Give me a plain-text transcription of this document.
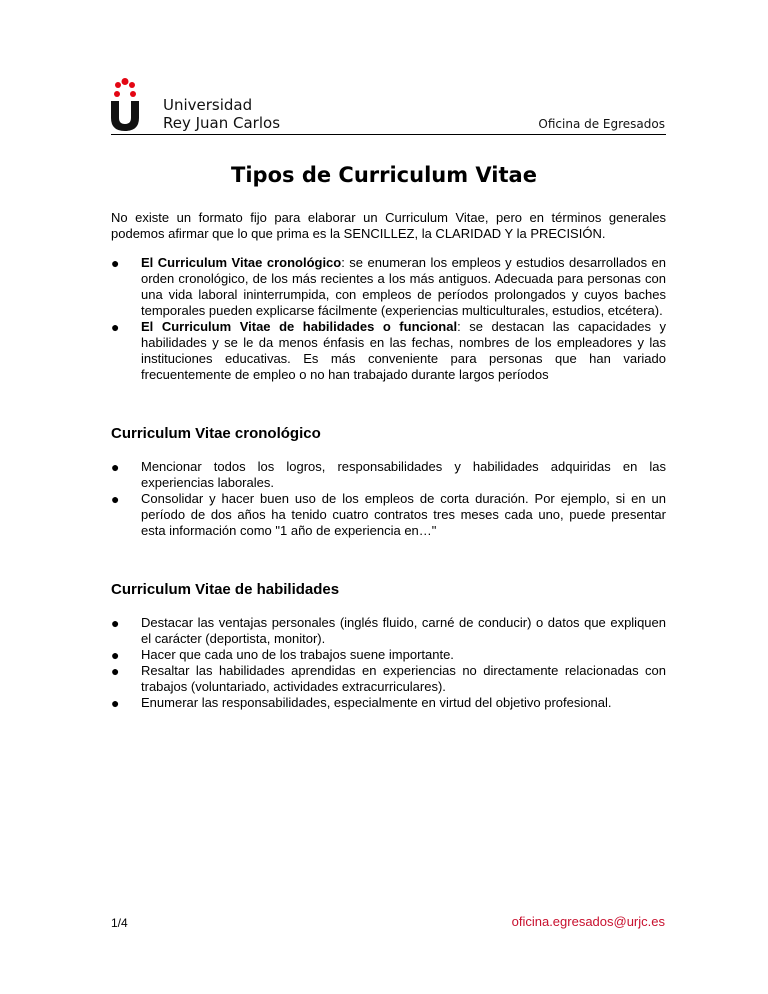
Universidad
Rey Juan Carlos	Oficina de Egresados
Tipos de Curriculum Vitae

No existe un formato fijo para elaborar un Curriculum Vitae, pero en términos generales podemos afirmar que lo que prima es la SENCILLEZ, la CLARIDAD Y la PRECISIÓN.

● El Curriculum Vitae cronológico: se enumeran los empleos y estudios desarrollados en orden cronológico, de los más recientes a los más antiguos. Adecuada para personas con una vida laboral ininterrumpida, con empleos de períodos prolongados y cuyos baches temporales pueden explicarse fácilmente (experiencias multiculturales, estudios, etcétera).
● El Curriculum Vitae de habilidades o funcional: se destacan las capacidades y habilidades y se le da menos énfasis en las fechas, nombres de los empleadores y las instituciones educativas. Es más conveniente para personas que han variado frecuentemente de empleo o no han trabajado durante largos períodos
Curriculum Vitae cronológico
● Mencionar todos los logros, responsabilidades y habilidades adquiridas en las experiencias laborales.
● Consolidar y hacer buen uso de los empleos de corta duración. Por ejemplo, si en un período de dos años ha tenido cuatro contratos tres meses cada uno, puede presentar esta información como "1 año de experiencia en…"
Curriculum Vitae de habilidades
● Destacar las ventajas personales (inglés fluido, carné de conducir) o datos que expliquen el carácter (deportista, monitor).
● Hacer que cada uno de los trabajos suene importante.
● Resaltar las habilidades aprendidas en experiencias no directamente relacionadas con trabajos (voluntariado, actividades extracurriculares).
● Enumerar las responsabilidades, especialmente en virtud del objetivo profesional.
1/4	oficina.egresados@urjc.es
